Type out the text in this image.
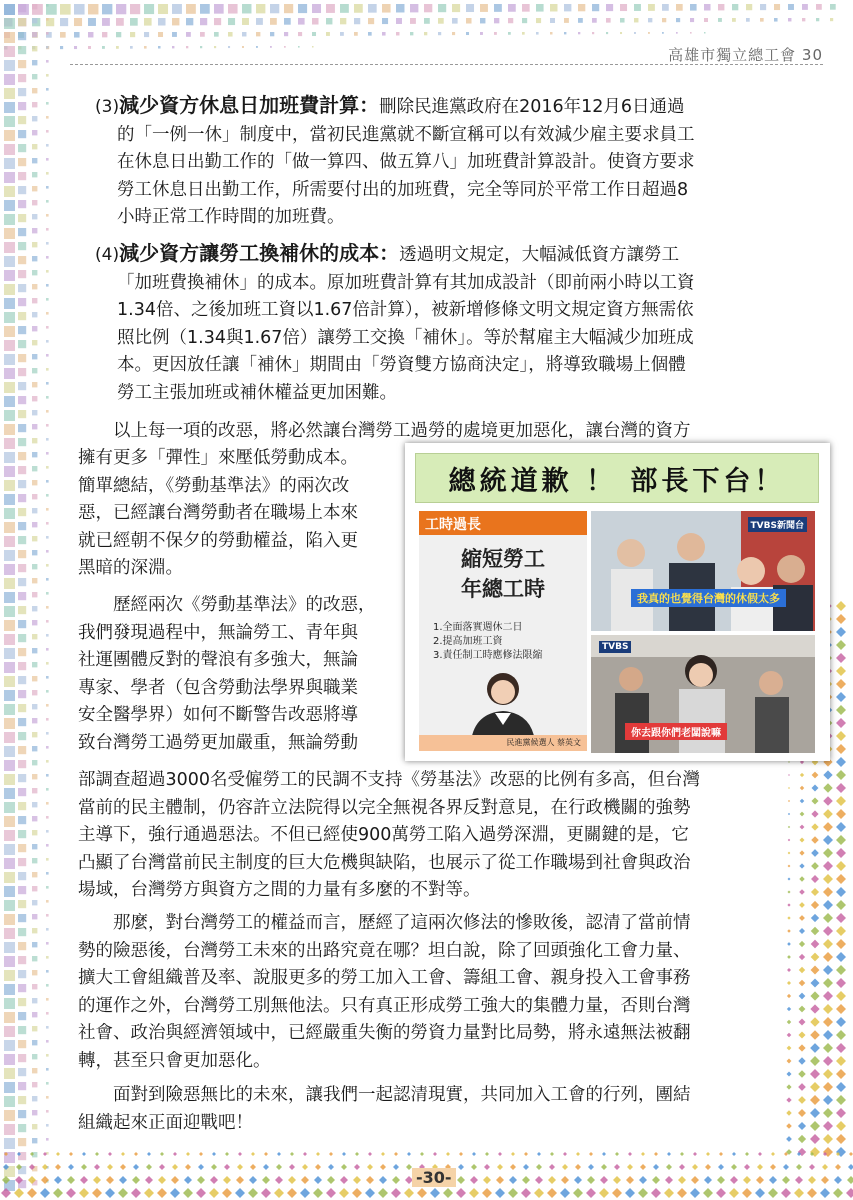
高雄市獨立總工會 30
(3)減少資方休息日加班費計算：刪除民進黨政府在2016年12月6日通過
的「一例一休」制度中，當初民進黨就不斷宣稱可以有效減少雇主要求員工
在休息日出勤工作的「做一算四、做五算八」加班費計算設計。使資方要求
勞工休息日出勤工作，所需要付出的加班費，完全等同於平常工作日超過8
小時正常工作時間的加班費。
(4)減少資方讓勞工換補休的成本：透過明文規定，大幅減低資方讓勞工
「加班費換補休」的成本。原加班費計算有其加成設計（即前兩小時以工資
1.34倍、之後加班工資以1.67倍計算），被新增修條文明文規定資方無需依
照比例（1.34與1.67倍）讓勞工交換「補休」。等於幫雇主大幅減少加班成
本。更因放任讓「補休」期間由「勞資雙方協商決定」，將導致職場上個體
勞工主張加班或補休權益更加困難。
以上每一項的改惡，將必然讓台灣勞工過勞的處境更加惡化，讓台灣的資方
擁有更多「彈性」來壓低勞動成本。
簡單總結，《勞動基準法》的兩次改
惡，已經讓台灣勞動者在職場上本來
就已經朝不保夕的勞動權益，陷入更
黑暗的深淵。
歷經兩次《勞動基準法》的改惡，
我們發現過程中，無論勞工、青年與
社運團體反對的聲浪有多強大，無論
專家、學者（包含勞動法學界與職業
安全醫學界）如何不斷警告改惡將導
致台灣勞工過勞更加嚴重，無論勞動
部調查超過3000名受僱勞工的民調不支持《勞基法》改惡的比例有多高，但台灣
當前的民主體制，仍容許立法院得以完全無視各界反對意見，在行政機關的強勢
主導下，強行通過惡法。不但已經使900萬勞工陷入過勞深淵，更關鍵的是，它
凸顯了台灣當前民主制度的巨大危機與缺陷，也展示了從工作職場到社會與政治
場域，台灣勞方與資方之間的力量有多麼的不對等。
那麼，對台灣勞工的權益而言，歷經了這兩次修法的慘敗後，認清了當前情
勢的險惡後，台灣勞工未來的出路究竟在哪？坦白說，除了回頭強化工會力量、
擴大工會組織普及率、說服更多的勞工加入工會、籌組工會、親身投入工會事務
的運作之外，台灣勞工別無他法。只有真正形成勞工強大的集體力量，否則台灣
社會、政治與經濟領域中，已經嚴重失衡的勞資力量對比局勢，將永遠無法被翻
轉，甚至只會更加惡化。
面對到險惡無比的未來，讓我們一起認清現實，共同加入工會的行列，團結
組織起來正面迎戰吧！
總統道歉 ！ 部長下台！
工時過長
縮短勞工
年總工時
1.全面落實週休二日
2.提高加班工資
3.責任制工時應修法限縮
民進黨候選人 蔡英文
TVBS新聞台
我真的也覺得台灣的休假太多
TVBS
你去跟你們老闆說嘛
-30-
